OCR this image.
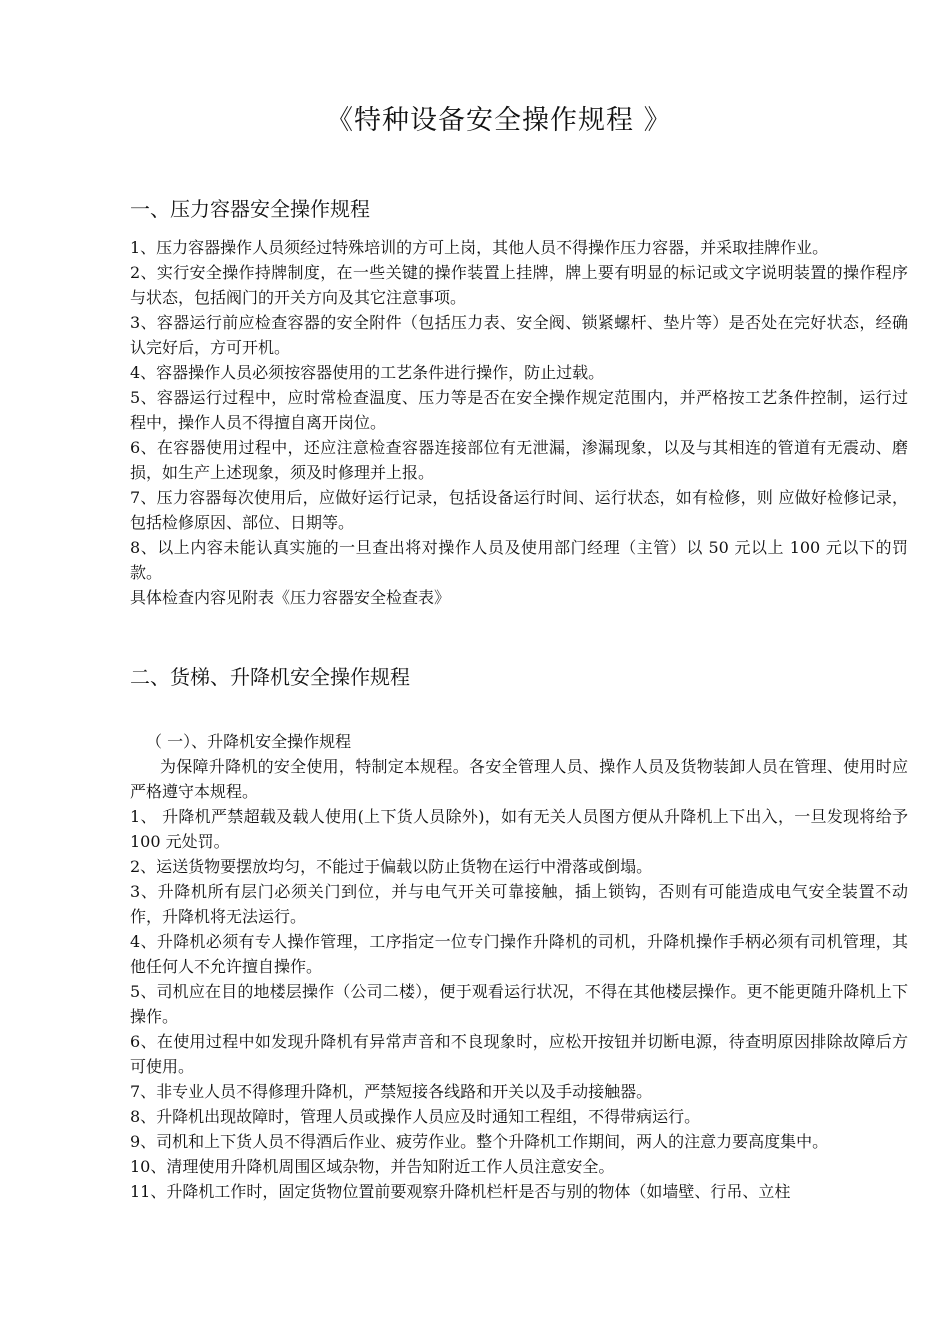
《特种设备安全操作规程 》
一、压力容器安全操作规程

1、压力容器操作人员须经过特殊培训的方可上岗，其他人员不得操作压力容器，并采取挂牌作业。

2、实行安全操作持牌制度，在一些关键的操作装置上挂牌，牌上要有明显的标记或文字说明装置的操作程序与状态，包括阀门的开关方向及其它注意事项。

3、容器运行前应检查容器的安全附件（包括压力表、安全阀、锁紧螺杆、垫片等）是否处在完好状态，经确认完好后，方可开机。

4、容器操作人员必须按容器使用的工艺条件进行操作，防止过载。

5、容器运行过程中，应时常检查温度、压力等是否在安全操作规定范围内，并严格按工艺条件控制，运行过程中，操作人员不得擅自离开岗位。

6、在容器使用过程中，还应注意检查容器连接部位有无泄漏，渗漏现象，以及与其相连的管道有无震动、磨损，如生产上述现象，须及时修理并上报。

7、压力容器每次使用后，应做好运行记录，包括设备运行时间、运行状态，如有检修，则 应做好检修记录，包括检修原因、部位、日期等。

8、以上内容未能认真实施的一旦查出将对操作人员及使用部门经理（主管）以 50 元以上 100 元以下的罚款。

具体检查内容见附表《压力容器安全检查表》

二、货梯、升降机安全操作规程

（ 一）、升降机安全操作规程

为保障升降机的安全使用，特制定本规程。各安全管理人员、操作人员及货物装卸人员在管理、使用时应严格遵守本规程。

1、 升降机严禁超载及载人使用(上下货人员除外)，如有无关人员图方便从升降机上下出入，一旦发现将给予 100 元处罚。

2、运送货物要摆放均匀，不能过于偏载以防止货物在运行中滑落或倒塌。

3、升降机所有层门必须关门到位，并与电气开关可靠接触，插上锁钩，否则有可能造成电气安全装置不动作，升降机将无法运行。

4、升降机必须有专人操作管理，工序指定一位专门操作升降机的司机，升降机操作手柄必须有司机管理，其他任何人不允许擅自操作。

5、司机应在目的地楼层操作（公司二楼），便于观看运行状况，不得在其他楼层操作。更不能更随升降机上下操作。

6、在使用过程中如发现升降机有异常声音和不良现象时，应松开按钮并切断电源，待查明原因排除故障后方可使用。

7、非专业人员不得修理升降机，严禁短接各线路和开关以及手动接触器。

8、升降机出现故障时，管理人员或操作人员应及时通知工程组，不得带病运行。

9、司机和上下货人员不得酒后作业、疲劳作业。整个升降机工作期间，两人的注意力要高度集中。

10、清理使用升降机周围区域杂物，并告知附近工作人员注意安全。

11、升降机工作时，固定货物位置前要观察升降机栏杆是否与别的物体（如墙壁、行吊、立柱
